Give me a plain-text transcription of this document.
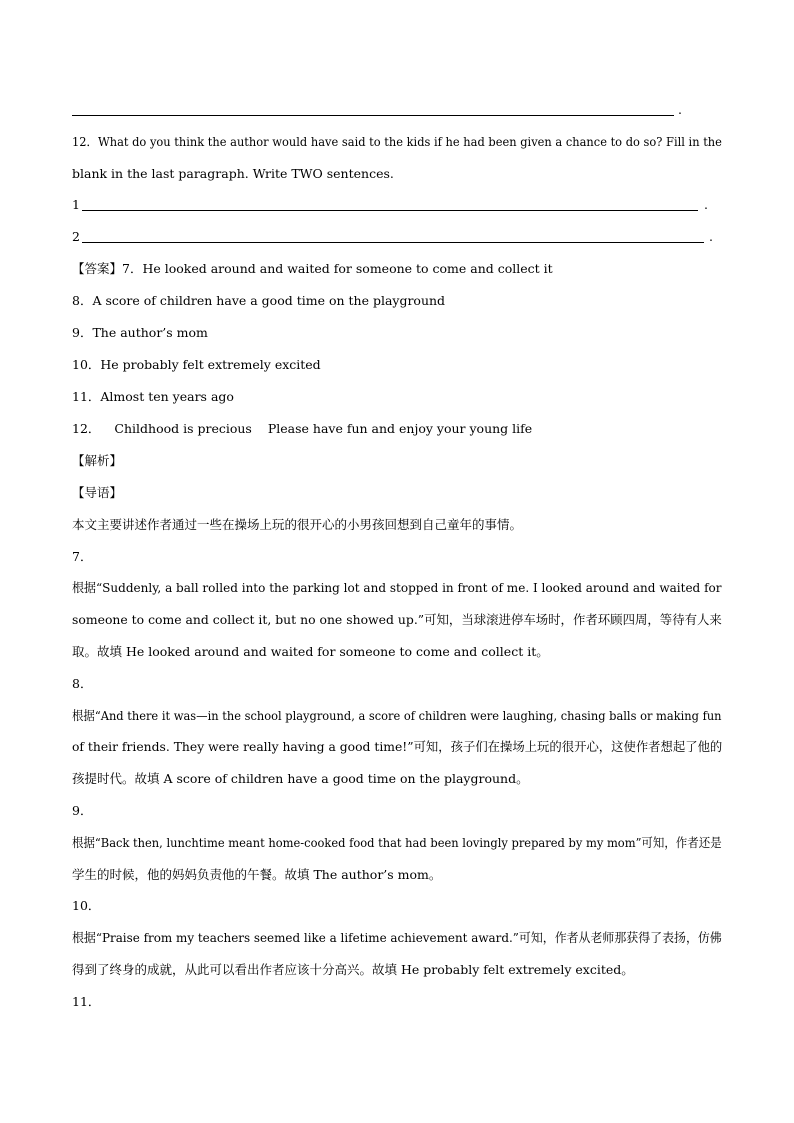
.
12．What do you think the author would have said to the kids if he had been given a chance to do so? Fill in the
blank in the last paragraph. Write TWO sentences.
1	.
2	.
【答案】7．He looked around and waited for someone to come and collect it
8．A score of children have a good time on the playground
9．The author’s mom
10．He probably felt extremely excited
11．Almost ten years ago
12． Childhood is precious Please have fun and enjoy your young life
【解析】
【导语】
本文主要讲述作者通过一些在操场上玩的很开心的小男孩回想到自己童年的事情。
7．
根据“Suddenly, a ball rolled into the parking lot and stopped in front of me. I looked around and waited for
someone to come and collect it, but no one showed up.”可知，当球滚进停车场时，作者环顾四周，等待有人来
取。故填 He looked around and waited for someone to come and collect it。
8．
根据“And there it was—in the school playground, a score of children were laughing, chasing balls or making fun
of their friends. They were really having a good time!”可知，孩子们在操场上玩的很开心，这使作者想起了他的
孩提时代。故填 A score of children have a good time on the playground。
9．
根据“Back then, lunchtime meant home-cooked food that had been lovingly prepared by my mom”可知，作者还是
学生的时候，他的妈妈负责他的午餐。故填 The author’s mom。
10．
根据“Praise from my teachers seemed like a lifetime achievement award.”可知，作者从老师那获得了表扬，仿佛
得到了终身的成就，从此可以看出作者应该十分高兴。故填 He probably felt extremely excited。
11．
